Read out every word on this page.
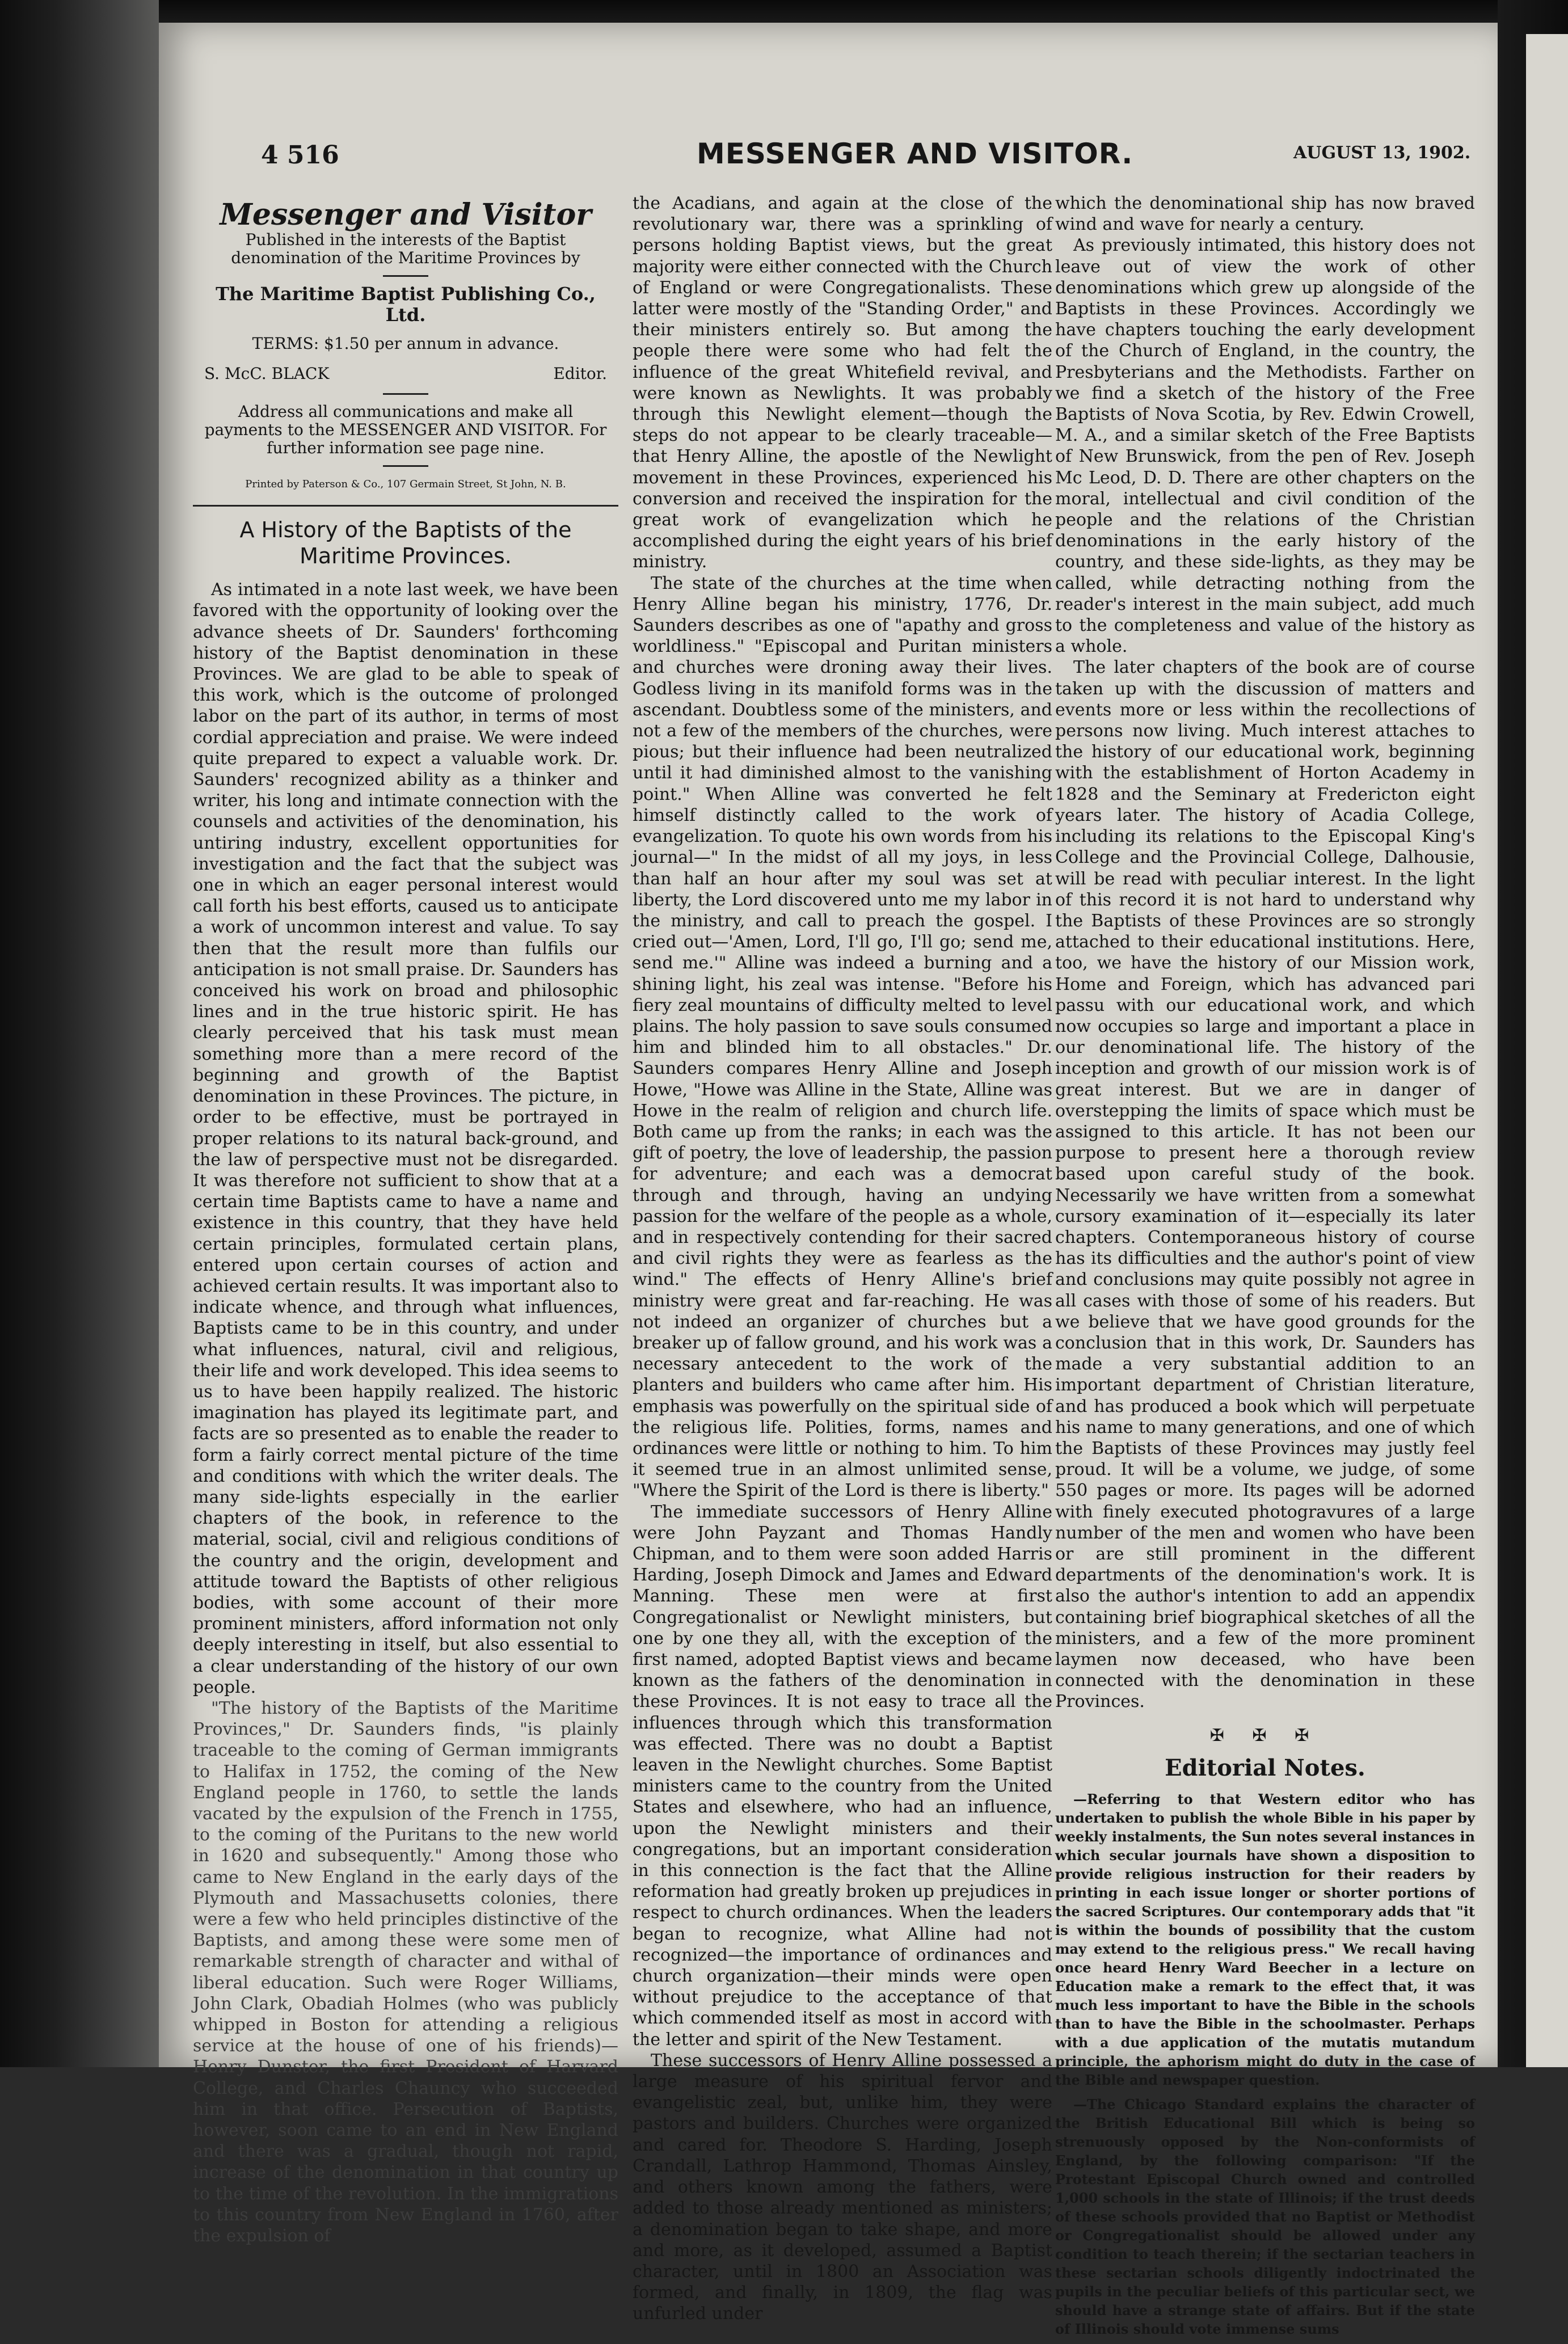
4 516	MESSENGER AND VISITOR.	AUGUST 13, 1902.
Messenger and Visitor
Published in the interests of the Baptist denomination of the Maritime Provinces by
The Maritime Baptist Publishing Co., Ltd.
TERMS: $1.50 per annum in advance.
S. McC. BLACK	Editor.
Address all communications and make all payments to the MESSENGER AND VISITOR. For further information see page nine.
Printed by Paterson & Co., 107 Germain Street, St John, N. B.
A History of the Baptists of the Maritime Provinces.

As intimated in a note last week, we have been favored with the opportunity of looking over the advance sheets of Dr. Saunders' forthcoming history of the Baptist denomination in these Provinces. We are glad to be able to speak of this work, which is the outcome of prolonged labor on the part of its author, in terms of most cordial appreciation and praise. We were indeed quite prepared to expect a valuable work. Dr. Saunders' recognized ability as a thinker and writer, his long and intimate connection with the counsels and activities of the denomination, his untiring industry, excellent opportunities for investigation and the fact that the subject was one in which an eager personal interest would call forth his best efforts, caused us to anticipate a work of uncommon interest and value. To say then that the result more than fulfils our anticipation is not small praise. Dr. Saunders has conceived his work on broad and philosophic lines and in the true historic spirit. He has clearly perceived that his task must mean something more than a mere record of the beginning and growth of the Baptist denomination in these Provinces. The picture, in order to be effective, must be portrayed in proper relations to its natural back-ground, and the law of perspective must not be disregarded. It was therefore not sufficient to show that at a certain time Baptists came to have a name and existence in this country, that they have held certain principles, formulated certain plans, entered upon certain courses of action and achieved certain results. It was important also to indicate whence, and through what influences, Baptists came to be in this country, and under what influences, natural, civil and religious, their life and work developed. This idea seems to us to have been happily realized. The historic imagination has played its legitimate part, and facts are so presented as to enable the reader to form a fairly correct mental picture of the time and conditions with which the writer deals. The many side-lights especially in the earlier chapters of the book, in reference to the material, social, civil and religious conditions of the country and the origin, development and attitude toward the Baptists of other religious bodies, with some account of their more prominent ministers, afford information not only deeply interesting in itself, but also essential to a clear understanding of the history of our own people.

"The history of the Baptists of the Maritime Provinces," Dr. Saunders finds, "is plainly traceable to the coming of German immigrants to Halifax in 1752, the coming of the New England people in 1760, to settle the lands vacated by the expulsion of the French in 1755, to the coming of the Puritans to the new world in 1620 and subsequently." Among those who came to New England in the early days of the Plymouth and Massachusetts colonies, there were a few who held principles distinctive of the Baptists, and among these were some men of remarkable strength of character and withal of liberal education. Such were Roger Williams, John Clark, Obadiah Holmes (who was publicly whipped in Boston for attending a religious service at the house of one of his friends)—Henry Dunster, the first President of Harvard College, and Charles Chauncy who succeeded him in that office. Persecution of Baptists, however, soon came to an end in New England and there was a gradual, though not rapid, increase of the denomination in that country up to the time of the revolution. In the immigrations to this country from New England in 1760, after the expulsion of

the Acadians, and again at the close of the revolutionary war, there was a sprinkling of persons holding Baptist views, but the great majority were either connected with the Church of England or were Congregationalists. These latter were mostly of the "Standing Order," and their ministers entirely so. But among the people there were some who had felt the influence of the great Whitefield revival, and were known as Newlights. It was probably through this Newlight element—though the steps do not appear to be clearly traceable—that Henry Alline, the apostle of the Newlight movement in these Provinces, experienced his conversion and received the inspiration for the great work of evangelization which he accomplished during the eight years of his brief ministry.

The state of the churches at the time when Henry Alline began his ministry, 1776, Dr. Saunders describes as one of "apathy and gross worldliness." "Episcopal and Puritan ministers and churches were droning away their lives. Godless living in its manifold forms was in the ascendant. Doubtless some of the ministers, and not a few of the members of the churches, were pious; but their influence had been neutralized until it had diminished almost to the vanishing point." When Alline was converted he felt himself distinctly called to the work of evangelization. To quote his own words from his journal—" In the midst of all my joys, in less than half an hour after my soul was set at liberty, the Lord discovered unto me my labor in the ministry, and call to preach the gospel. I cried out—'Amen, Lord, I'll go, I'll go; send me, send me.'" Alline was indeed a burning and a shining light, his zeal was intense. "Before his fiery zeal mountains of difficulty melted to level plains. The holy passion to save souls consumed him and blinded him to all obstacles." Dr. Saunders compares Henry Alline and Joseph Howe, "Howe was Alline in the State, Alline was Howe in the realm of religion and church life. Both came up from the ranks; in each was the gift of poetry, the love of leadership, the passion for adventure; and each was a democrat through and through, having an undying passion for the welfare of the people as a whole, and in respectively contending for their sacred and civil rights they were as fearless as the wind." The effects of Henry Alline's brief ministry were great and far-reaching. He was not indeed an organizer of churches but a breaker up of fallow ground, and his work was a necessary antecedent to the work of the planters and builders who came after him. His emphasis was powerfully on the spiritual side of the religious life. Polities, forms, names and ordinances were little or nothing to him. To him it seemed true in an almost unlimited sense, "Where the Spirit of the Lord is there is liberty."

The immediate successors of Henry Alline were John Payzant and Thomas Handly Chipman, and to them were soon added Harris Harding, Joseph Dimock and James and Edward Manning. These men were at first Congregationalist or Newlight ministers, but one by one they all, with the exception of the first named, adopted Baptist views and became known as the fathers of the denomination in these Provinces. It is not easy to trace all the influences through which this transformation was effected. There was no doubt a Baptist leaven in the Newlight churches. Some Baptist ministers came to the country from the United States and elsewhere, who had an influence, upon the Newlight ministers and their congregations, but an important consideration in this connection is the fact that the Alline reformation had greatly broken up prejudices in respect to church ordinances. When the leaders began to recognize, what Alline had not recognized—the importance of ordinances and church organization—their minds were open without prejudice to the acceptance of that which commended itself as most in accord with the letter and spirit of the New Testament.

These successors of Henry Alline possessed a large measure of his spiritual fervor and evangelistic zeal, but, unlike him, they were pastors and builders. Churches were organized and cared for. Theodore S. Harding, Joseph Crandall, Lathrop Hammond, Thomas Ainsley, and others known among the fathers, were added to those already mentioned as ministers; a denomination began to take shape, and more and more, as it developed, assumed a Baptist character, until in 1800 an Association was formed, and finally, in 1809, the flag was unfurled under

which the denominational ship has now braved wind and wave for nearly a century.

As previously intimated, this history does not leave out of view the work of other denominations which grew up alongside of the Baptists in these Provinces. Accordingly we have chapters touching the early development of the Church of England, in the country, the Presbyterians and the Methodists. Farther on we find a sketch of the history of the Free Baptists of Nova Scotia, by Rev. Edwin Crowell, M. A., and a similar sketch of the Free Baptists of New Brunswick, from the pen of Rev. Joseph Mc Leod, D. D. There are other chapters on the moral, intellectual and civil condition of the people and the relations of the Christian denominations in the early history of the country, and these side-lights, as they may be called, while detracting nothing from the reader's interest in the main subject, add much to the completeness and value of the history as a whole.

The later chapters of the book are of course taken up with the discussion of matters and events more or less within the recollections of persons now living. Much interest attaches to the history of our educational work, beginning with the establishment of Horton Academy in 1828 and the Seminary at Fredericton eight years later. The history of Acadia College, including its relations to the Episcopal King's College and the Provincial College, Dalhousie, will be read with peculiar interest. In the light of this record it is not hard to understand why the Baptists of these Provinces are so strongly attached to their educational institutions. Here, too, we have the history of our Mission work, Home and Foreign, which has advanced pari passu with our educational work, and which now occupies so large and important a place in our denominational life. The history of the inception and growth of our mission work is of great interest. But we are in danger of overstepping the limits of space which must be assigned to this article. It has not been our purpose to present here a thorough review based upon careful study of the book. Necessarily we have written from a somewhat cursory examination of it—especially its later chapters. Contemporaneous history of course has its difficulties and the author's point of view and conclusions may quite possibly not agree in all cases with those of some of his readers. But we believe that we have good grounds for the conclusion that in this work, Dr. Saunders has made a very substantial addition to an important department of Christian literature, and has produced a book which will perpetuate his name to many generations, and one of which the Baptists of these Provinces may justly feel proud. It will be a volume, we judge, of some 550 pages or more. Its pages will be adorned with finely executed photogravures of a large number of the men and women who have been or are still prominent in the different departments of the denomination's work. It is also the author's intention to add an appendix containing brief biographical sketches of all the ministers, and a few of the more prominent laymen now deceased, who have been connected with the denomination in these Provinces.

✠ ✠ ✠
Editorial Notes.

—Referring to that Western editor who has undertaken to publish the whole Bible in his paper by weekly instalments, the Sun notes several instances in which secular journals have shown a disposition to provide religious instruction for their readers by printing in each issue longer or shorter portions of the sacred Scriptures. Our contemporary adds that "it is within the bounds of possibility that the custom may extend to the religious press." We recall having once heard Henry Ward Beecher in a lecture on Education make a remark to the effect that, it was much less important to have the Bible in the schools than to have the Bible in the schoolmaster. Perhaps with a due application of the mutatis mutandum principle, the aphorism might do duty in the case of the Bible and newspaper question.

—The Chicago Standard explains the character of the British Educational Bill which is being so strenuously opposed by the Non-conformists of England, by the following comparison: "If the Protestant Episcopal Church owned and controlled 1,000 schools in the state of Illinois; if the trust deeds of these schools provided that no Baptist or Methodist or Congregationalist should be allowed under any condition to teach therein; if the sectarian teachers in these sectarian schools diligently indoctrinated the pupils in the peculiar beliefs of this particular sect, we should have a strange state of affairs. But if the state of Illinois should vote immense sums
